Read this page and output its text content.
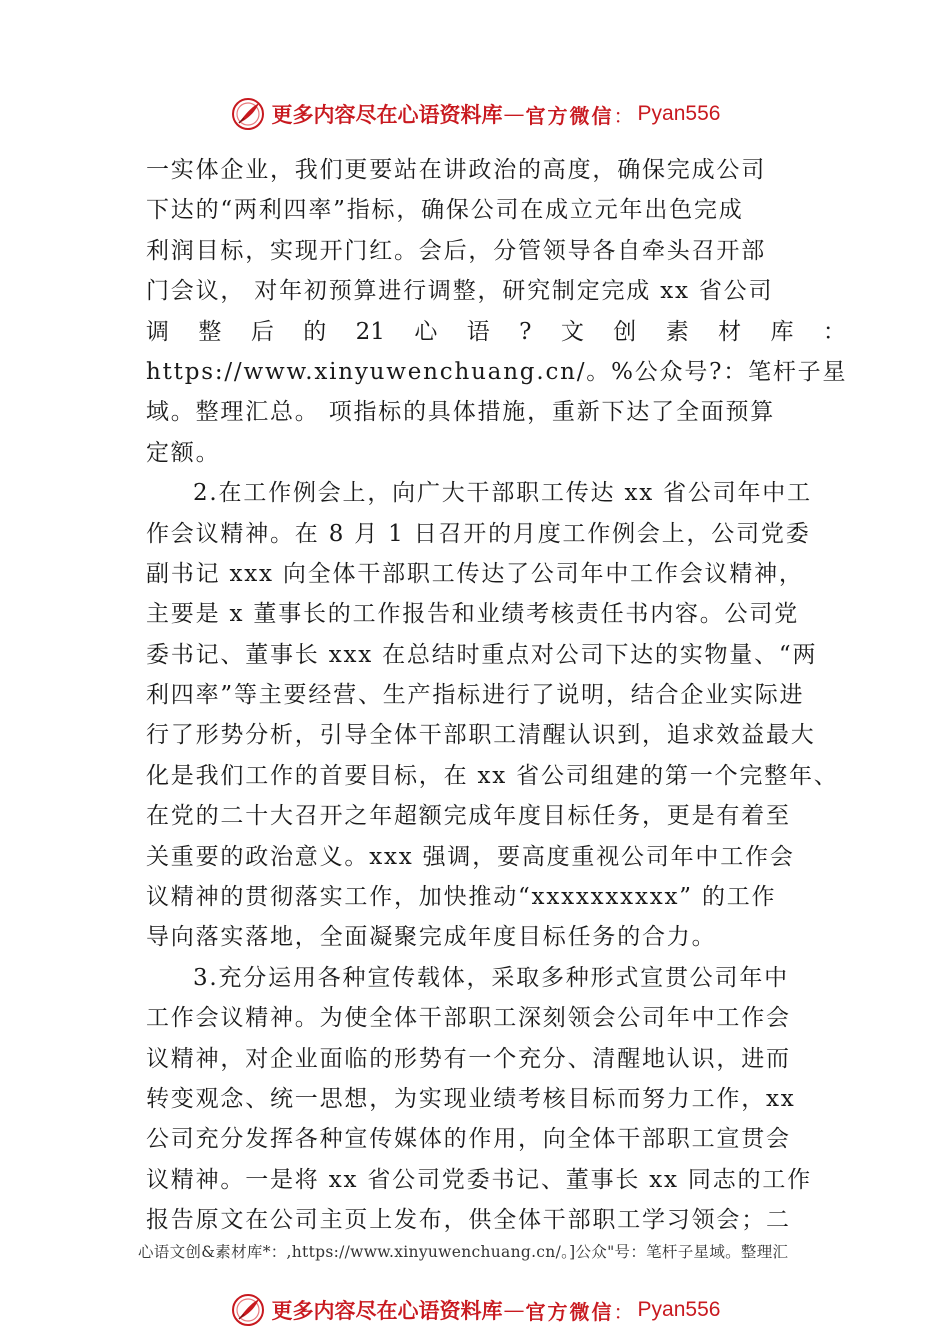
更多内容尽在心语资料库 — 官方微信 ： Pyan556
一实体企业，我们更要站在讲政治的高度，确保完成公司
下达的“两利四率”指标，确保公司在成立元年出色完成
利润目标，实现开门红。会后，分管领导各自牵头召开部
门会议， 对年初预算进行调整，研究制定完成 xx 省公司
调 整 后 的 21 心 语 ? 文 创 素 材 库 ：
https://www.xinyuwenchuang.cn/。%公众号?：笔杆子星
域。整理汇总。 项指标的具体措施，重新下达了全面预算
定额。
2.在工作例会上，向广大干部职工传达 xx 省公司年中工
作会议精神。在 8 月 1 日召开的月度工作例会上，公司党委
副书记 xxx 向全体干部职工传达了公司年中工作会议精神，
主要是 x 董事长的工作报告和业绩考核责任书内容。公司党
委书记、董事长 xxx 在总结时重点对公司下达的实物量、“两
利四率”等主要经营、生产指标进行了说明，结合企业实际进
行了形势分析，引导全体干部职工清醒认识到，追求效益最大
化是我们工作的首要目标，在 xx 省公司组建的第一个完整年、
在党的二十大召开之年超额完成年度目标任务，更是有着至
关重要的政治意义。xxx 强调，要高度重视公司年中工作会
议精神的贯彻落实工作，加快推动“xxxxxxxxxx” 的工作
导向落实落地，全面凝聚完成年度目标任务的合力。
3.充分运用各种宣传载体，采取多种形式宣贯公司年中
工作会议精神。为使全体干部职工深刻领会公司年中工作会
议精神，对企业面临的形势有一个充分、清醒地认识，进而
转变观念、统一思想，为实现业绩考核目标而努力工作，xx
公司充分发挥各种宣传媒体的作用，向全体干部职工宣贯会
议精神。一是将 xx 省公司党委书记、董事长 xx 同志的工作
报告原文在公司主页上发布，供全体干部职工学习领会；二
心语文创&素材库*：,https://www.xinyuwenchuang.cn/。]公众"号：笔杆子星域。整理汇
更多内容尽在心语资料库 — 官方微信 ： Pyan556
